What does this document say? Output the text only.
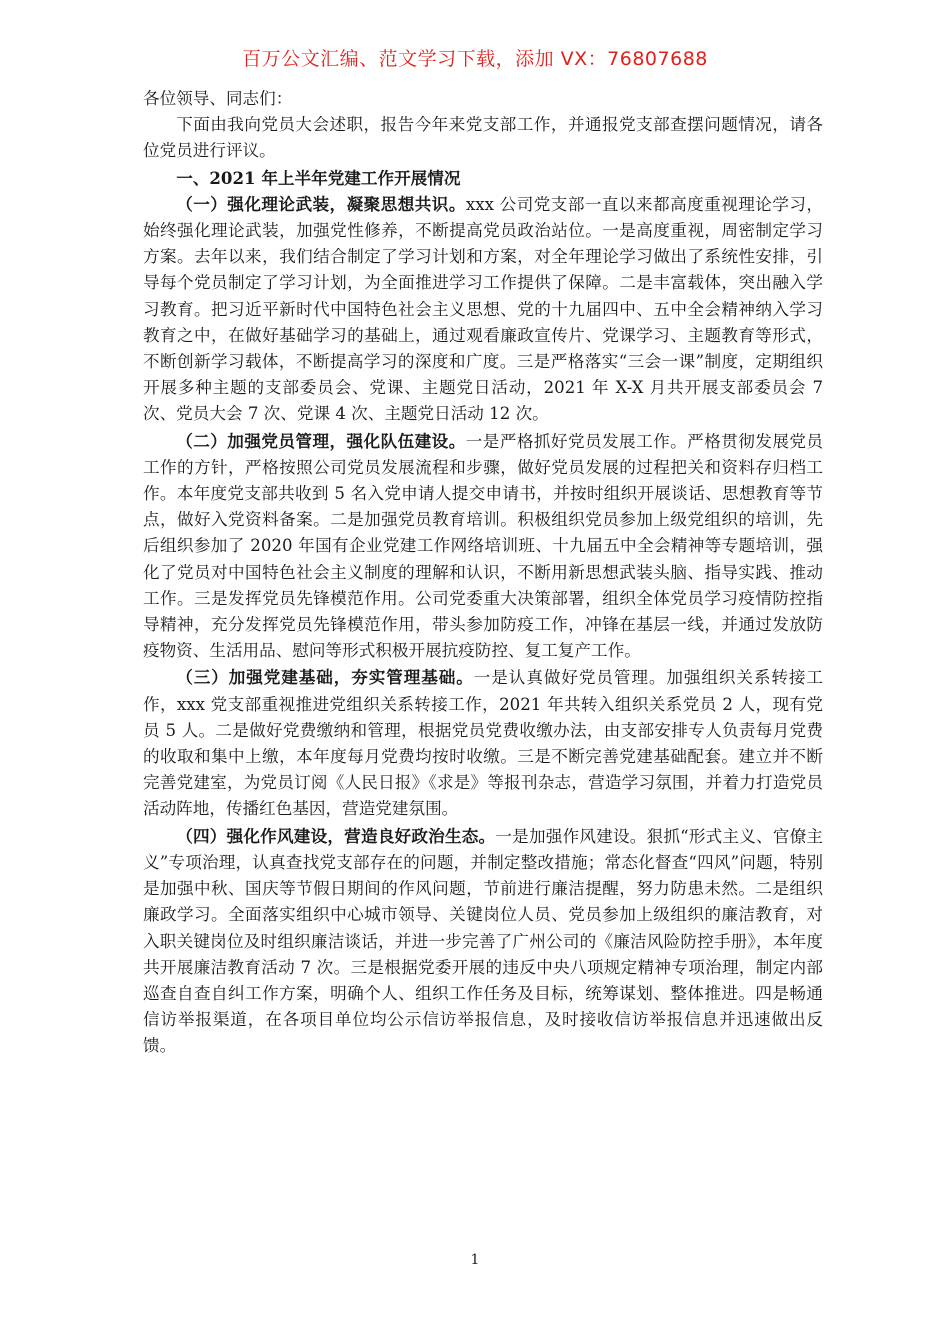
百万公文汇编、范文学习下载，添加 VX：76807688

各位领导、同志们：

下面由我向党员大会述职，报告今年来党支部工作，并通报党支部查摆问题情况，请各位党员进行评议。

一、2021 年上半年党建工作开展情况

（一）强化理论武装，凝聚思想共识。xxx 公司党支部一直以来都高度重视理论学习，始终强化理论武装，加强党性修养，不断提高党员政治站位。一是高度重视，周密制定学习方案。去年以来，我们结合制定了学习计划和方案，对全年理论学习做出了系统性安排，引导每个党员制定了学习计划，为全面推进学习工作提供了保障。二是丰富载体，突出融入学习教育。把习近平新时代中国特色社会主义思想、党的十九届四中、五中全会精神纳入学习教育之中，在做好基础学习的基础上，通过观看廉政宣传片、党课学习、主题教育等形式，不断创新学习载体，不断提高学习的深度和广度。三是严格落实“三会一课”制度，定期组织开展多种主题的支部委员会、党课、主题党日活动，2021 年 X-X 月共开展支部委员会 7 次、党员大会 7 次、党课 4 次、主题党日活动 12 次。

（二）加强党员管理，强化队伍建设。一是严格抓好党员发展工作。严格贯彻发展党员工作的方针，严格按照公司党员发展流程和步骤，做好党员发展的过程把关和资料存归档工作。本年度党支部共收到 5 名入党申请人提交申请书，并按时组织开展谈话、思想教育等节点，做好入党资料备案。二是加强党员教育培训。积极组织党员参加上级党组织的培训，先后组织参加了 2020 年国有企业党建工作网络培训班、十九届五中全会精神等专题培训，强化了党员对中国特色社会主义制度的理解和认识，不断用新思想武装头脑、指导实践、推动工作。三是发挥党员先锋模范作用。公司党委重大决策部署，组织全体党员学习疫情防控指导精神，充分发挥党员先锋模范作用，带头参加防疫工作，冲锋在基层一线，并通过发放防疫物资、生活用品、慰问等形式积极开展抗疫防控、复工复产工作。

（三）加强党建基础，夯实管理基础。一是认真做好党员管理。加强组织关系转接工作，xxx 党支部重视推进党组织关系转接工作，2021 年共转入组织关系党员 2 人，现有党员 5 人。二是做好党费缴纳和管理，根据党员党费收缴办法，由支部安排专人负责每月党费的收取和集中上缴，本年度每月党费均按时收缴。三是不断完善党建基础配套。建立并不断完善党建室，为党员订阅《人民日报》《求是》等报刊杂志，营造学习氛围，并着力打造党员活动阵地，传播红色基因，营造党建氛围。

（四）强化作风建设，营造良好政治生态。一是加强作风建设。狠抓“形式主义、官僚主义”专项治理，认真查找党支部存在的问题，并制定整改措施；常态化督查“四风”问题，特别是加强中秋、国庆等节假日期间的作风问题，节前进行廉洁提醒，努力防患未然。二是组织廉政学习。全面落实组织中心城市领导、关键岗位人员、党员参加上级组织的廉洁教育，对入职关键岗位及时组织廉洁谈话，并进一步完善了广州公司的《廉洁风险防控手册》，本年度共开展廉洁教育活动 7 次。三是根据党委开展的违反中央八项规定精神专项治理，制定内部巡查自查自纠工作方案，明确个人、组织工作任务及目标，统筹谋划、整体推进。四是畅通信访举报渠道，在各项目单位均公示信访举报信息，及时接收信访举报信息并迅速做出反馈。

1
